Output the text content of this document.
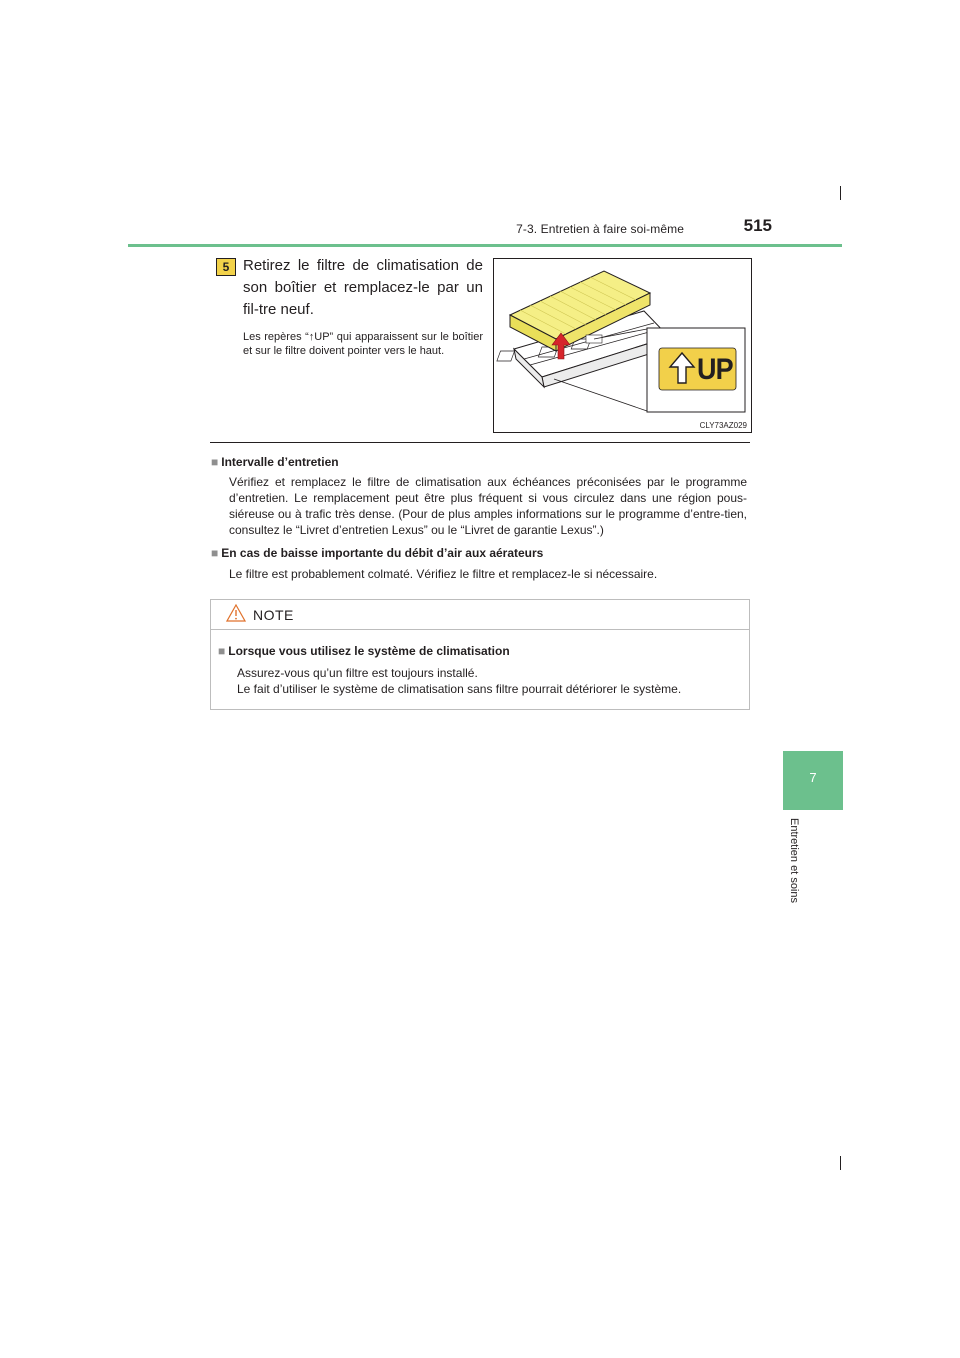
7-3. Entretien à faire soi-même	515
7
Entretien et soins
5 Retirez le filtre de climatisation de son boîtier et remplacez-le par un fil-tre neuf.
Les repères “↑UP” qui apparaissent sur le boîtier et sur le filtre doivent pointer vers le haut.
UP
CLY73AZ029
■ Intervalle d’entretien
Vérifiez et remplacez le filtre de climatisation aux échéances préconisées par le programme d’entretien. Le remplacement peut être plus fréquent si vous circulez dans une région pous-siéreuse ou à trafic très dense. (Pour de plus amples informations sur le programme d’entre-tien, consultez le “Livret d’entretien Lexus” ou le “Livret de garantie Lexus”.)
■ En cas de baisse importante du débit d’air aux aérateurs
Le filtre est probablement colmaté. Vérifiez le filtre et remplacez-le si nécessaire.
NOTE
■ Lorsque vous utilisez le système de climatisation
Assurez-vous qu’un filtre est toujours installé.
Le fait d’utiliser le système de climatisation sans filtre pourrait détériorer le système.
